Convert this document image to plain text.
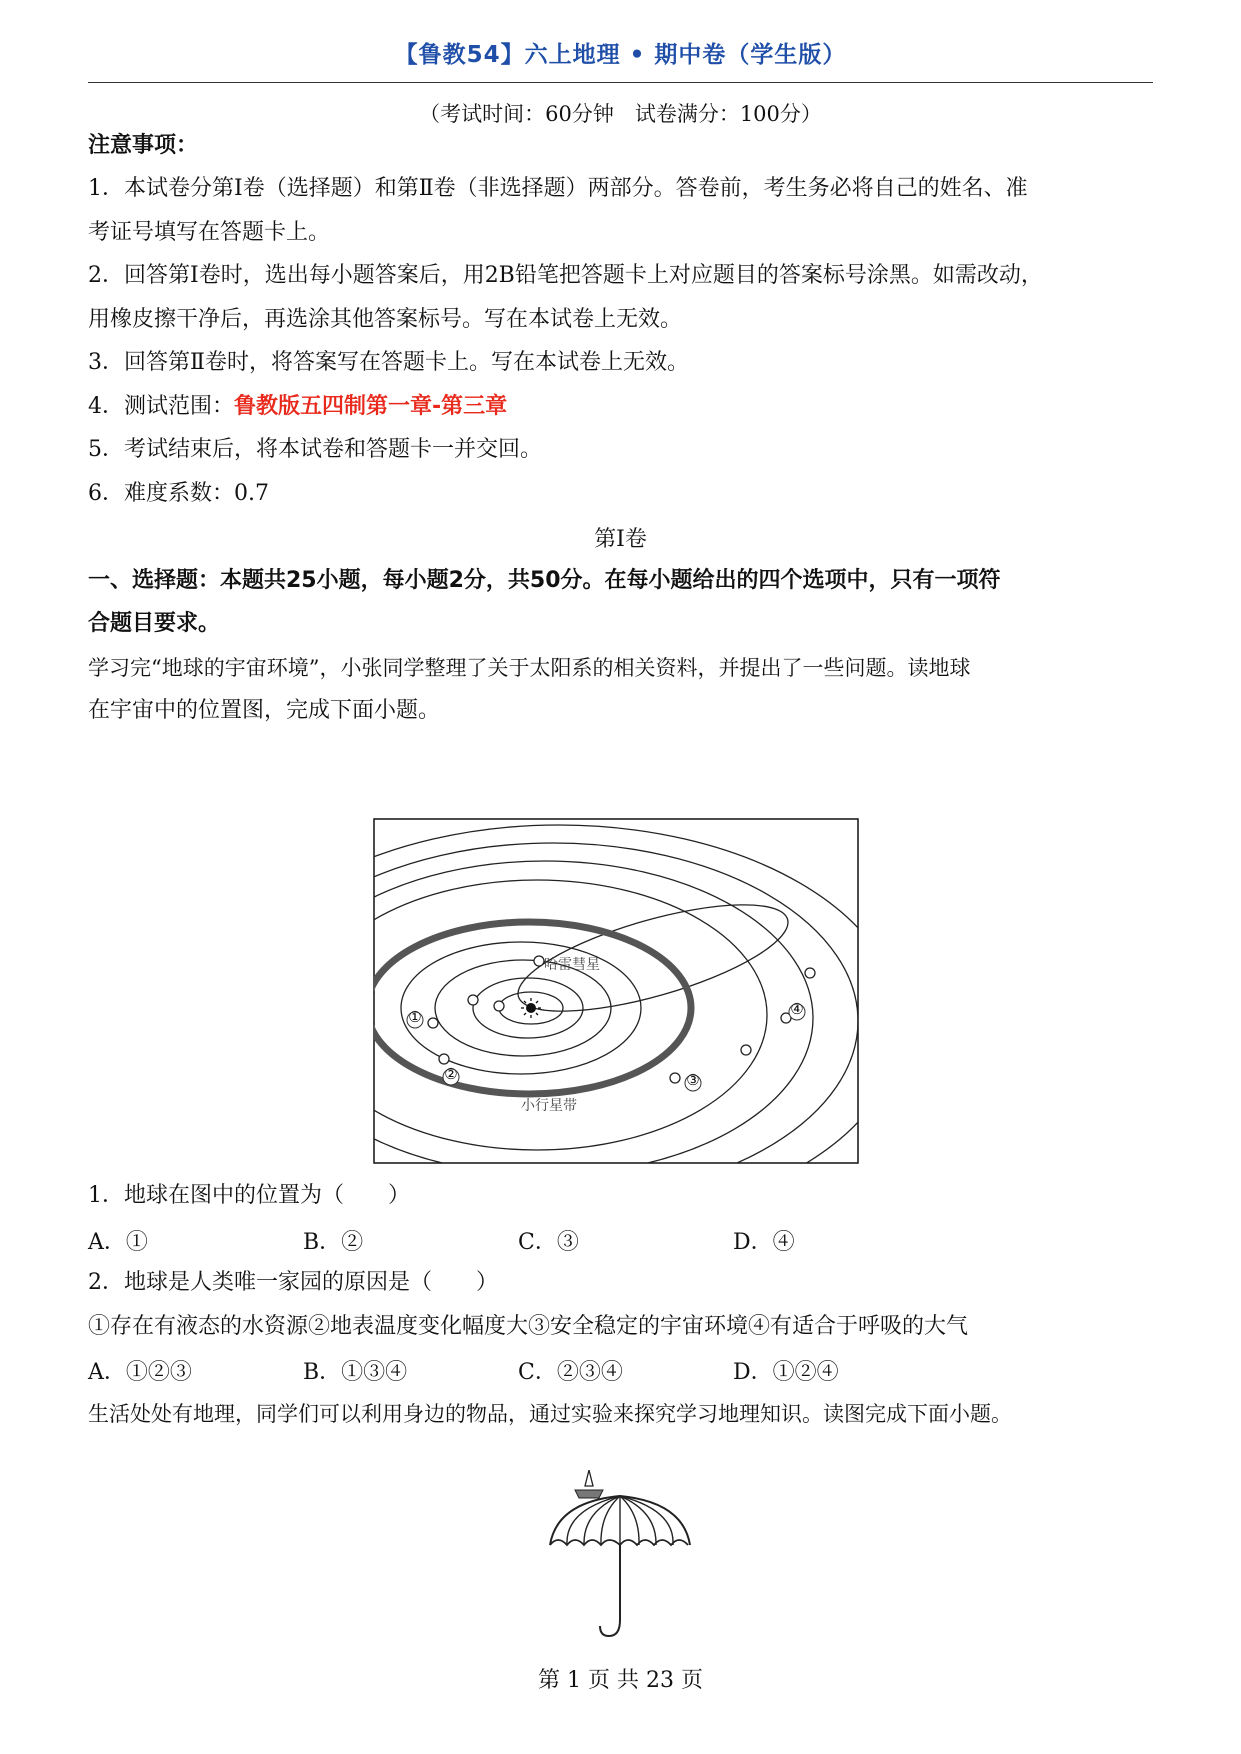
【鲁教54】六上地理 • 期中卷（学生版）
（考试时间：60分钟　试卷满分：100分）
注意事项：
1．本试卷分第Ⅰ卷（选择题）和第Ⅱ卷（非选择题）两部分。答卷前，考生务必将自己的姓名、准
考证号填写在答题卡上。
2．回答第Ⅰ卷时，选出每小题答案后，用2B铅笔把答题卡上对应题目的答案标号涂黑。如需改动，
用橡皮擦干净后，再选涂其他答案标号。写在本试卷上无效。
3．回答第Ⅱ卷时，将答案写在答题卡上。写在本试卷上无效。
4．测试范围：鲁教版五四制第一章-第三章
5．考试结束后，将本试卷和答题卡一并交回。
6．难度系数：0.7
第Ⅰ卷
一、选择题：本题共25小题，每小题2分，共50分。在每小题给出的四个选项中，只有一项符
合题目要求。
学习完“地球的宇宙环境”，小张同学整理了关于太阳系的相关资料，并提出了一些问题。读地球
在宇宙中的位置图，完成下面小题。
哈雷彗星
小行星带
1．地球在图中的位置为（　　）
A．①	B．②	C．③	D．④
2．地球是人类唯一家园的原因是（　　）
①存在有液态的水资源②地表温度变化幅度大③安全稳定的宇宙环境④有适合于呼吸的大气
A．①②③	B．①③④	C．②③④	D．①②④
生活处处有地理，同学们可以利用身边的物品，通过实验来探究学习地理知识。读图完成下面小题。
第 1 页 共 23 页
①
②	③
④
